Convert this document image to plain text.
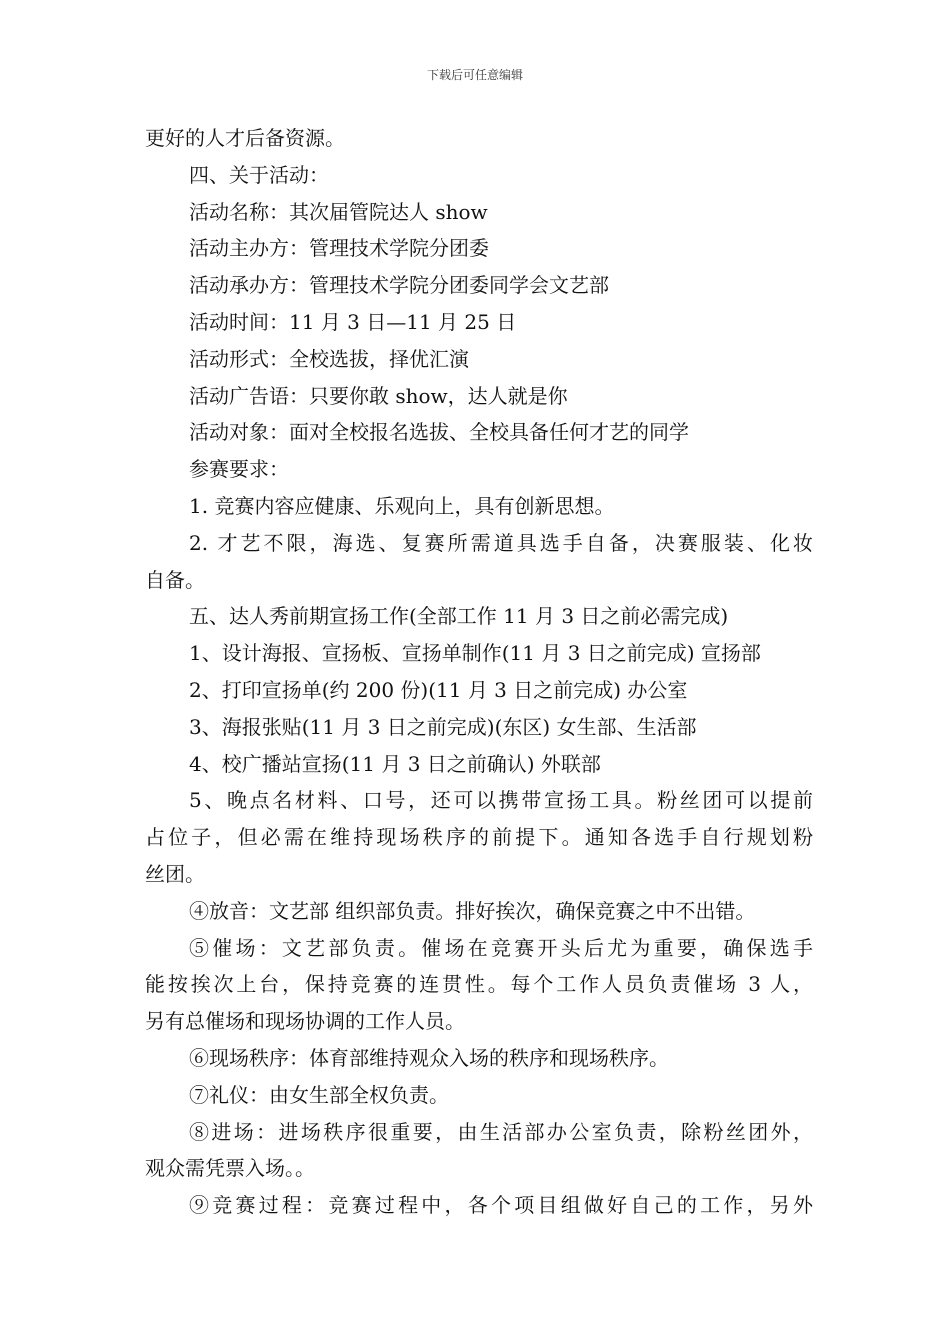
下载后可任意编辑
更好的人才后备资源。
四、关于活动：
活动名称：其次届管院达人 show
活动主办方：管理技术学院分团委
活动承办方：管理技术学院分团委同学会文艺部
活动时间：11 月 3 日—11 月 25 日
活动形式：全校选拔，择优汇演
活动广告语：只要你敢 show，达人就是你
活动对象：面对全校报名选拔、全校具备任何才艺的同学
参赛要求：
1. 竞赛内容应健康、乐观向上，具有创新思想。
2. 才艺不限，海选、复赛所需道具选手自备，决赛服装、化妆
自备。
五、达人秀前期宣扬工作(全部工作 11 月 3 日之前必需完成)
1、设计海报、宣扬板、宣扬单制作(11 月 3 日之前完成) 宣扬部
2、打印宣扬单(约 200 份)(11 月 3 日之前完成) 办公室
3、海报张贴(11 月 3 日之前完成)(东区) 女生部、生活部
4、校广播站宣扬(11 月 3 日之前确认) 外联部
5、晚点名材料、口号，还可以携带宣扬工具。粉丝团可以提前
占位子，但必需在维持现场秩序的前提下。通知各选手自行规划粉
丝团。
④放音：文艺部 组织部负责。排好挨次，确保竞赛之中不出错。
⑤催场：文艺部负责。催场在竞赛开头后尤为重要，确保选手
能按挨次上台，保持竞赛的连贯性。每个工作人员负责催场 3 人，
另有总催场和现场协调的工作人员。
⑥现场秩序：体育部维持观众入场的秩序和现场秩序。
⑦礼仪：由女生部全权负责。
⑧进场：进场秩序很重要，由生活部办公室负责，除粉丝团外，
观众需凭票入场。。
⑨竞赛过程：竞赛过程中，各个项目组做好自己的工作，另外
